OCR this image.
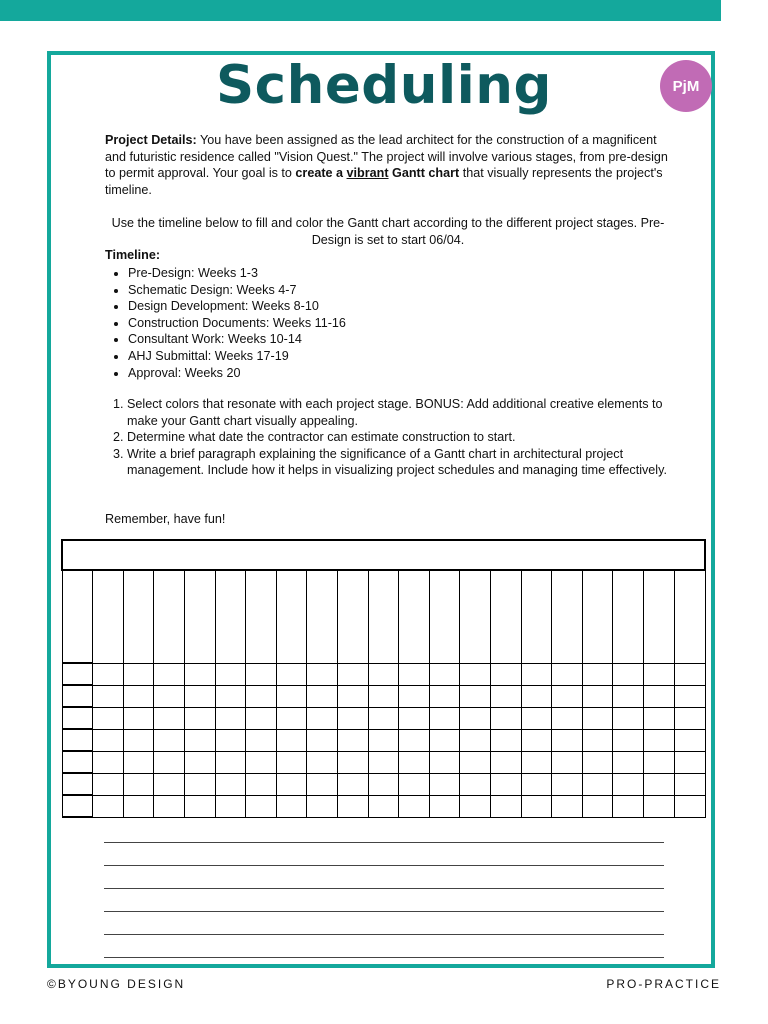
Scheduling	PjM
Project Details: You have been assigned as the lead architect for the construction of a magnificent and futuristic residence called "Vision Quest." The project will involve various stages, from pre-design to permit approval. Your goal is to create a vibrant Gantt chart that visually represents the project's timeline.
Use the timeline below to fill and color the Gantt chart according to the different project stages. Pre-Design is set to start 06/04.
Timeline:
• Pre-Design: Weeks 1-3
• Schematic Design: Weeks 4-7
• Design Development: Weeks 8-10
• Construction Documents: Weeks 11-16
• Consultant Work: Weeks 10-14
• AHJ Submittal: Weeks 17-19
• Approval: Weeks 20
1. Select colors that resonate with each project stage. BONUS: Add additional creative elements to make your Gantt chart visually appealing.
2. Determine what date the contractor can estimate construction to start.
3. Write a brief paragraph explaining the significance of a Gantt chart in architectural project management. Include how it helps in visualizing project schedules and managing time effectively.
Remember, have fun!

©BYOUNG DESIGN	PRO-PRACTICE
